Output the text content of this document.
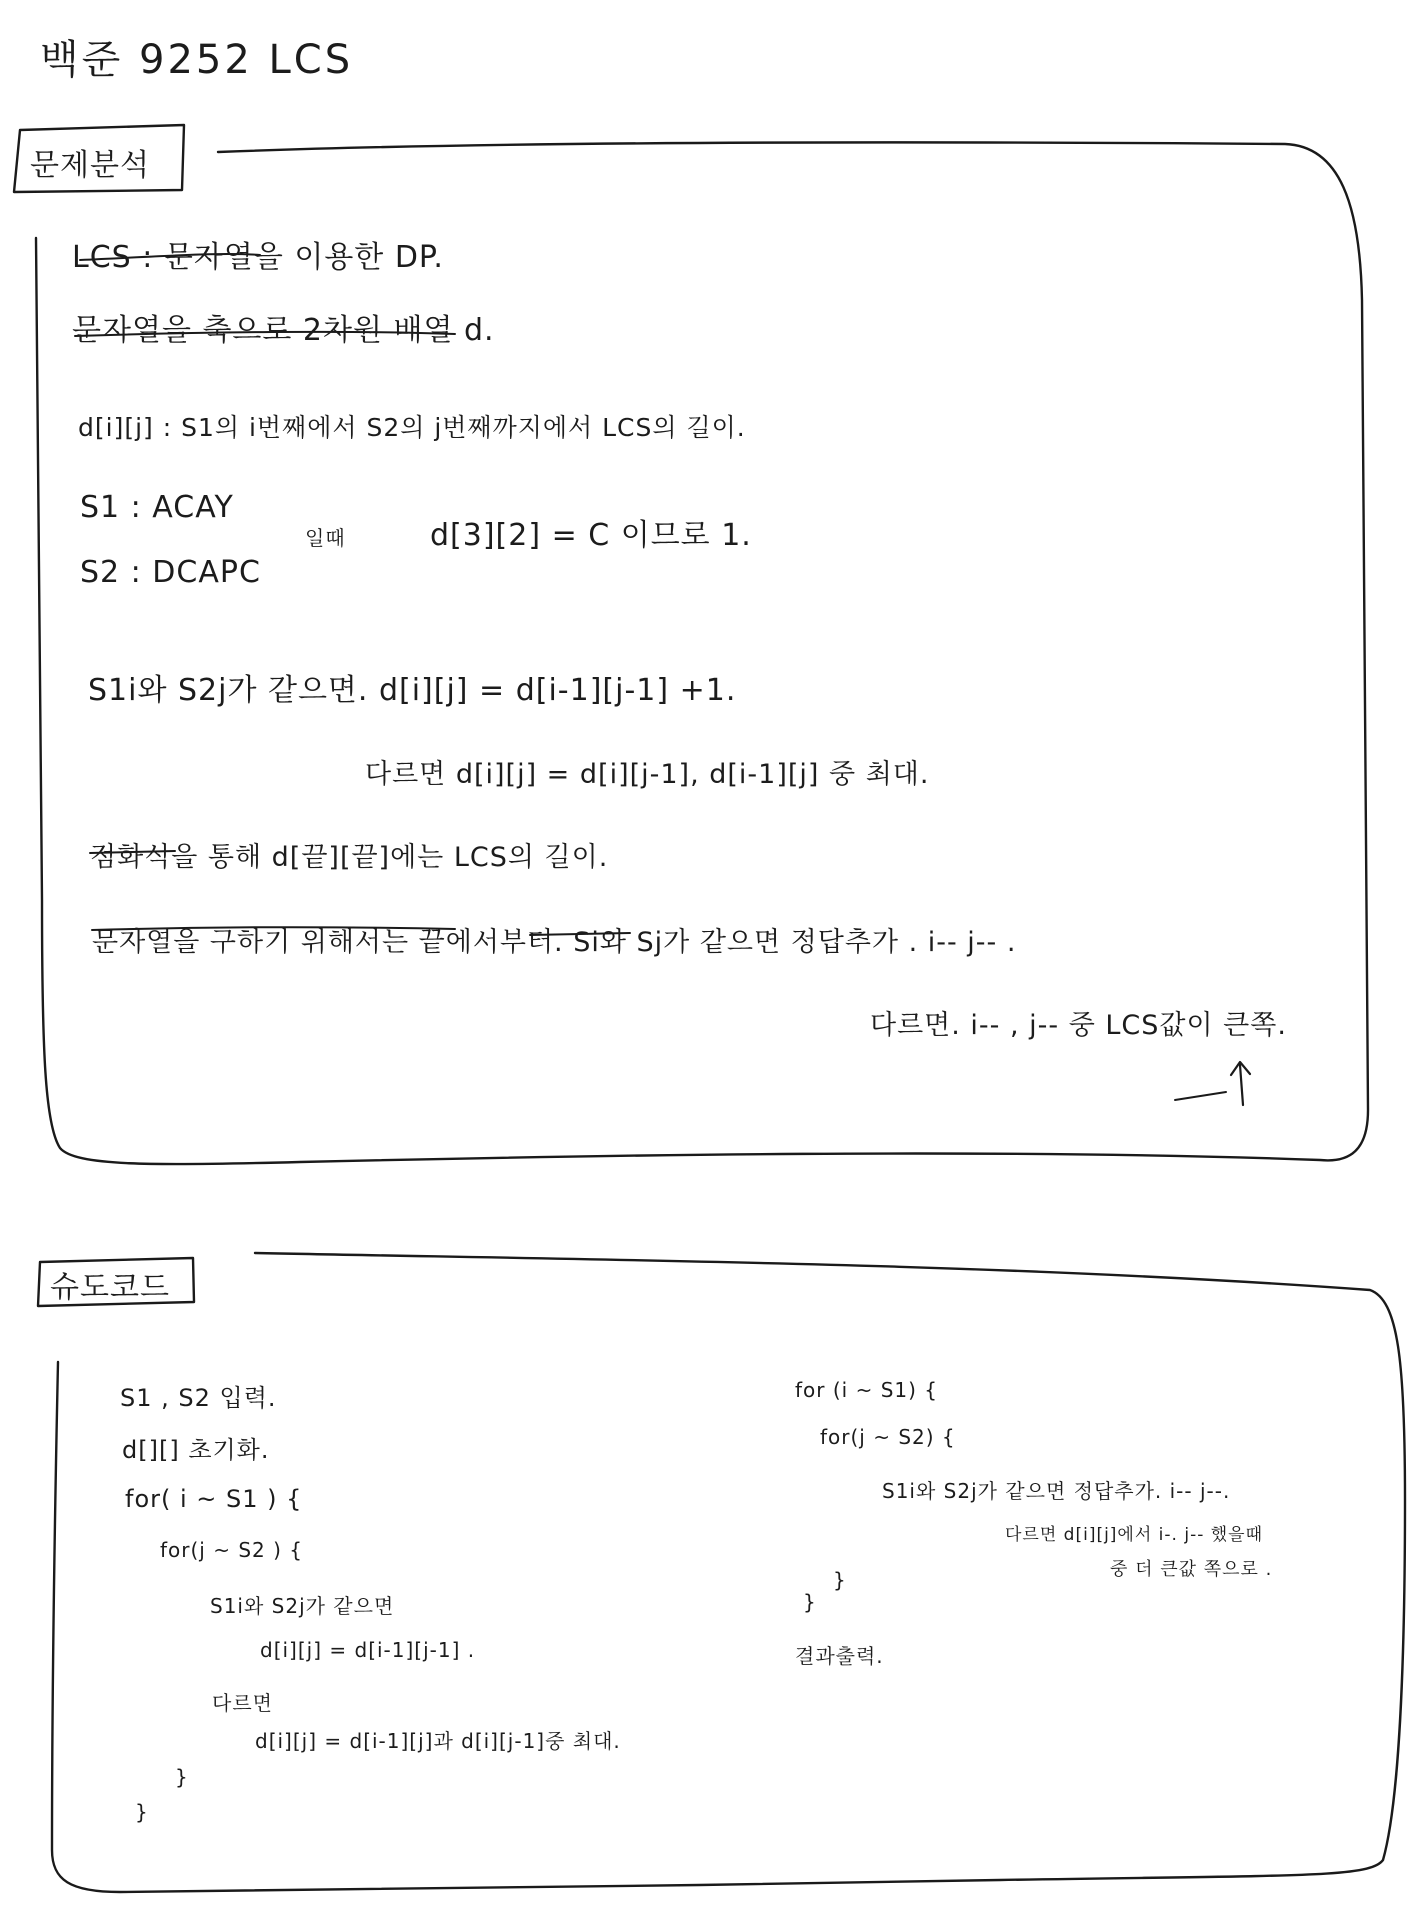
백준 9252 LCS
문제분석
LCS : 문자열을 이용한 DP.
문자열을 축으로 2차원 배열 d.
d[i][j] : S1의 i번째에서 S2의 j번째까지에서 LCS의 길이.
S1 : ACAY
S2 : DCAPC
일때	d[3][2] = C 이므로 1.
S1i와 S2j가 같으면. d[i][j] = d[i-1][j-1] +1.
다르면 d[i][j] = d[i][j-1], d[i-1][j] 중 최대.
점화식을 통해 d[끝][끝]에는 LCS의 길이.
문자열을 구하기 위해서는 끝에서부터. Si와 Sj가 같으면 정답추가 . i-- j-- .
다르면. i-- , j-- 중 LCS값이 큰쪽.
슈도코드
S1 , S2 입력.
d[][] 초기화.
for( i ~ S1 ) {
for(j ~ S2 ) {
S1i와 S2j가 같으면
d[i][j] = d[i-1][j-1] .
다르면
d[i][j] = d[i-1][j]과 d[i][j-1]중 최대.
}
}
for (i ~ S1) {
for(j ~ S2) {
S1i와 S2j가 같으면 정답추가. i-- j--.
다르면 d[i][j]에서 i-. j-- 했을때
중 더 큰값 쪽으로 .
}
}
결과출력.
